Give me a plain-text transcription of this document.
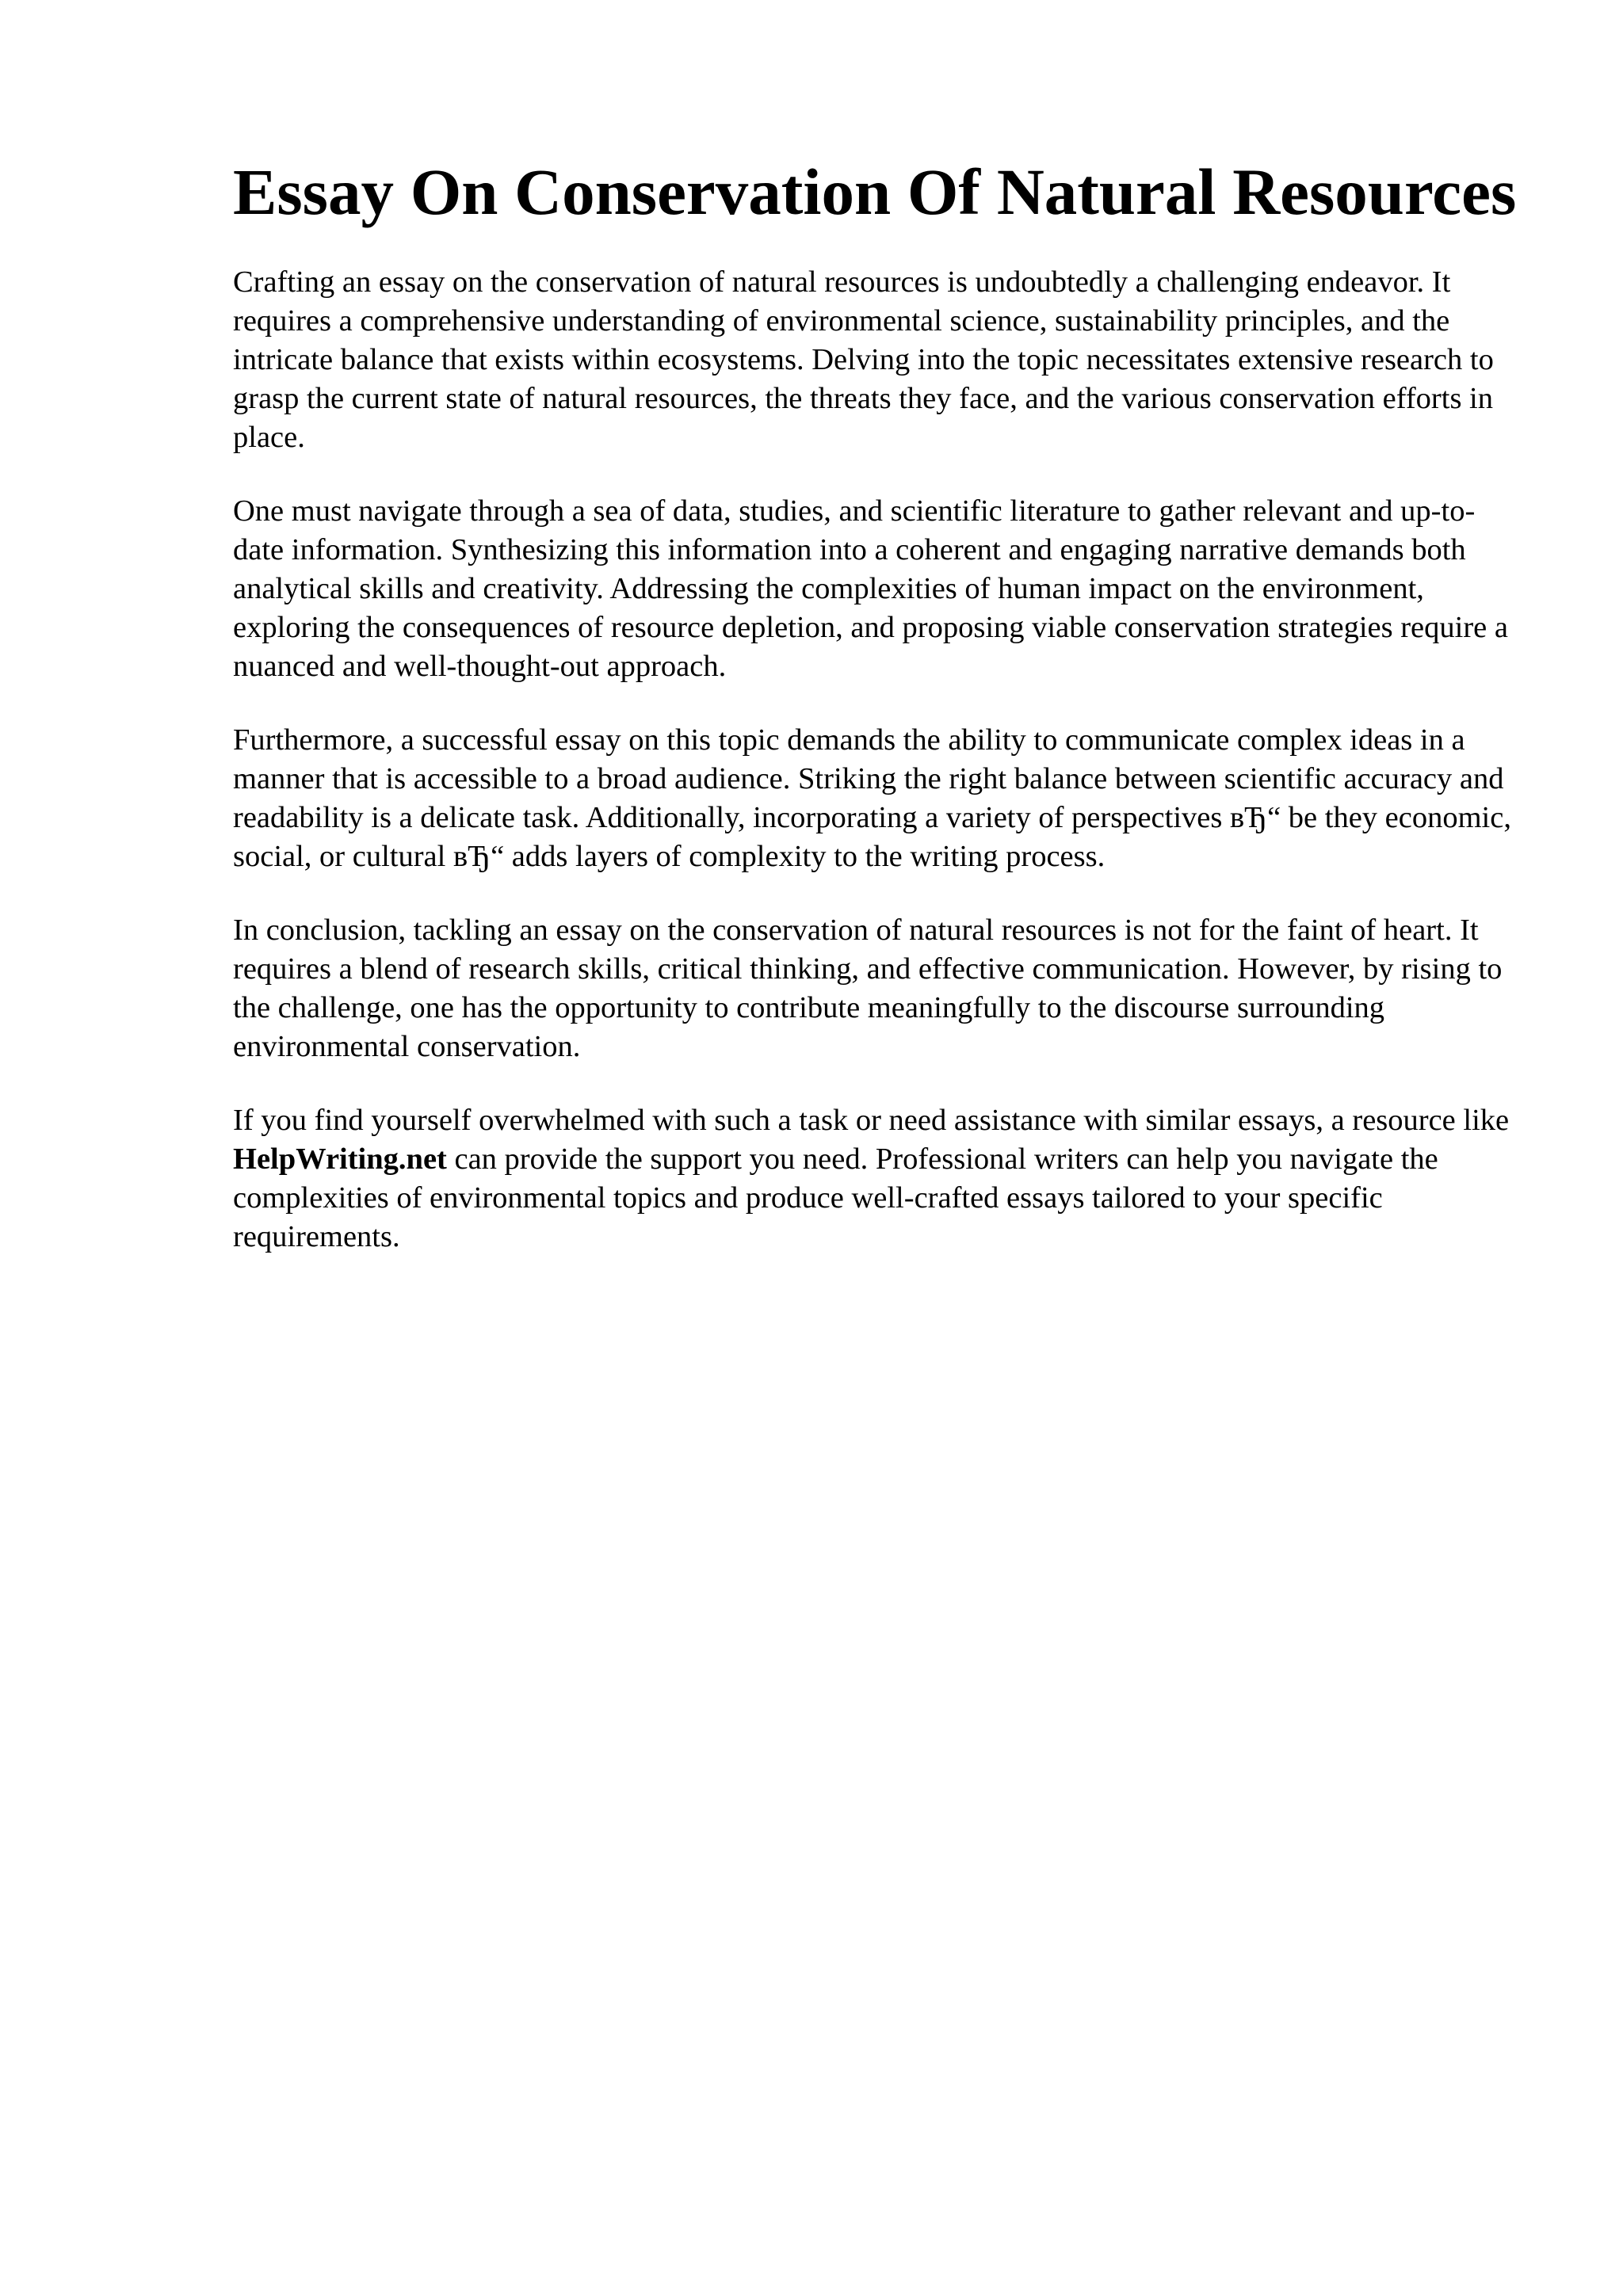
Essay On Conservation Of Natural Resources

Crafting an essay on the conservation of natural resources is undoubtedly a challenging endeavor. It requires a comprehensive understanding of environmental science, sustainability principles, and the intricate balance that exists within ecosystems. Delving into the topic necessitates extensive research to grasp the current state of natural resources, the threats they face, and the various conservation efforts in place.

One must navigate through a sea of data, studies, and scientific literature to gather relevant and up-to-date information. Synthesizing this information into a coherent and engaging narrative demands both analytical skills and creativity. Addressing the complexities of human impact on the environment, exploring the consequences of resource depletion, and proposing viable conservation strategies require a nuanced and well-thought-out approach.

Furthermore, a successful essay on this topic demands the ability to communicate complex ideas in a manner that is accessible to a broad audience. Striking the right balance between scientific accuracy and readability is a delicate task. Additionally, incorporating a variety of perspectives вЂ“ be they economic, social, or cultural вЂ“ adds layers of complexity to the writing process.

In conclusion, tackling an essay on the conservation of natural resources is not for the faint of heart. It requires a blend of research skills, critical thinking, and effective communication. However, by rising to the challenge, one has the opportunity to contribute meaningfully to the discourse surrounding environmental conservation.

If you find yourself overwhelmed with such a task or need assistance with similar essays, a resource like HelpWriting.net can provide the support you need. Professional writers can help you navigate the complexities of environmental topics and produce well-crafted essays tailored to your specific requirements.
